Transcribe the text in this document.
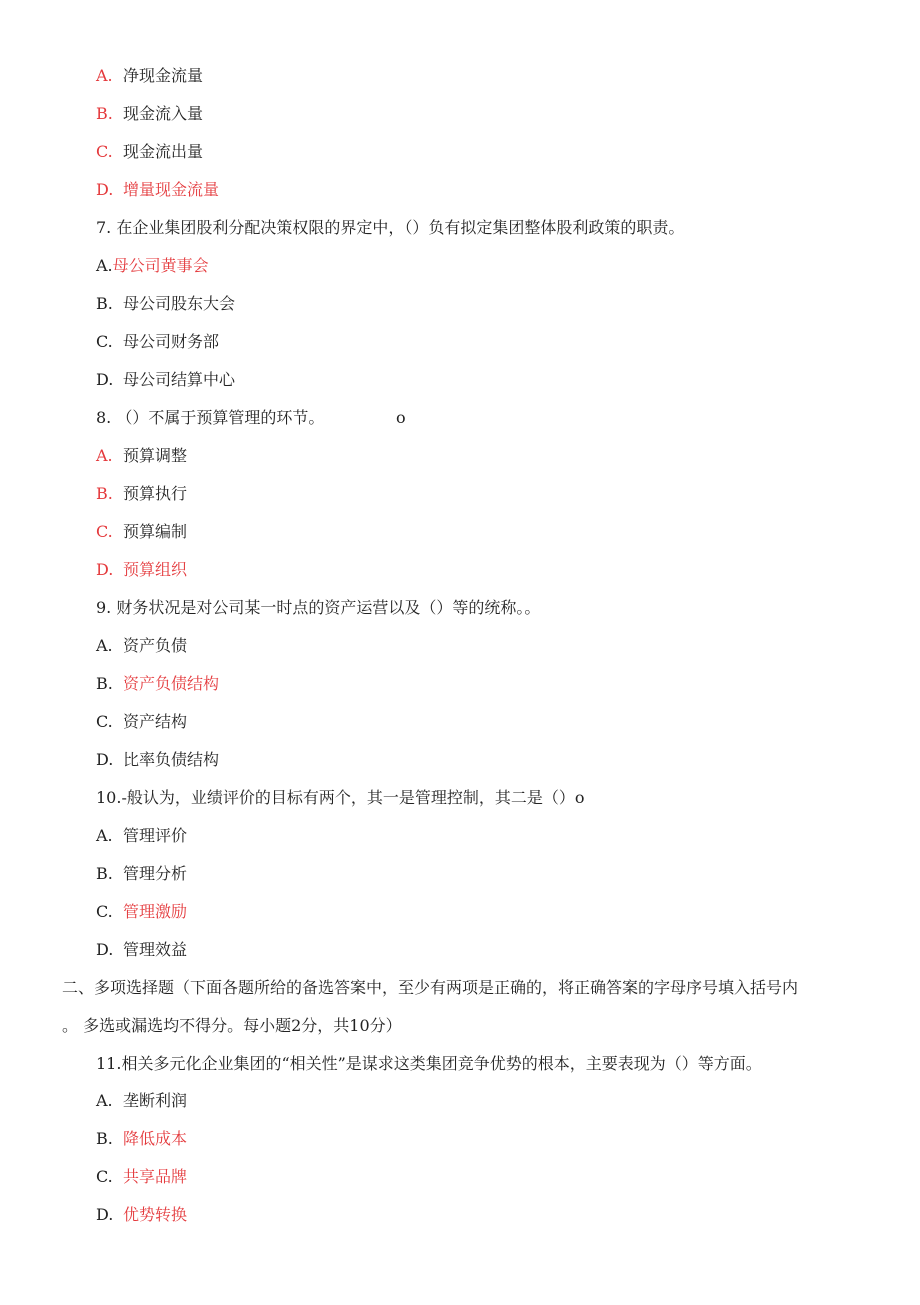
A. 净现金流量
B. 现金流入量
C. 现金流出量
D. 增量现金流量
7. 在企业集团股利分配决策权限的界定中，（）负有拟定集团整体股利政策的职责。
A.母公司黄事会
B. 母公司股东大会
C. 母公司财务部
D. 母公司结算中心
8. （）不属于预算管理的环节。	o
A. 预算调整
B. 预算执行
C. 预算编制
D. 预算组织
9. 财务状况是对公司某一时点的资产运营以及（）等的统称。。
A. 资产负债
B. 资产负债结构
C. 资产结构
D. 比率负债结构
10.-般认为，业绩评价的目标有两个，其一是管理控制，其二是（）o
A. 管理评价
B. 管理分析
C. 管理激励
D. 管理效益
二、多项选择题（下面各题所给的备选答案中，至少有两项是正确的，将正确答案的字母序号填入括号内
。 多选或漏选均不得分。每小题2分，共10分）
11.相关多元化企业集团的“相关性”是谋求这类集团竞争优势的根本，主要表现为（）等方面。
A. 垄断利润
B. 降低成本
C. 共享品牌
D. 优势转换
